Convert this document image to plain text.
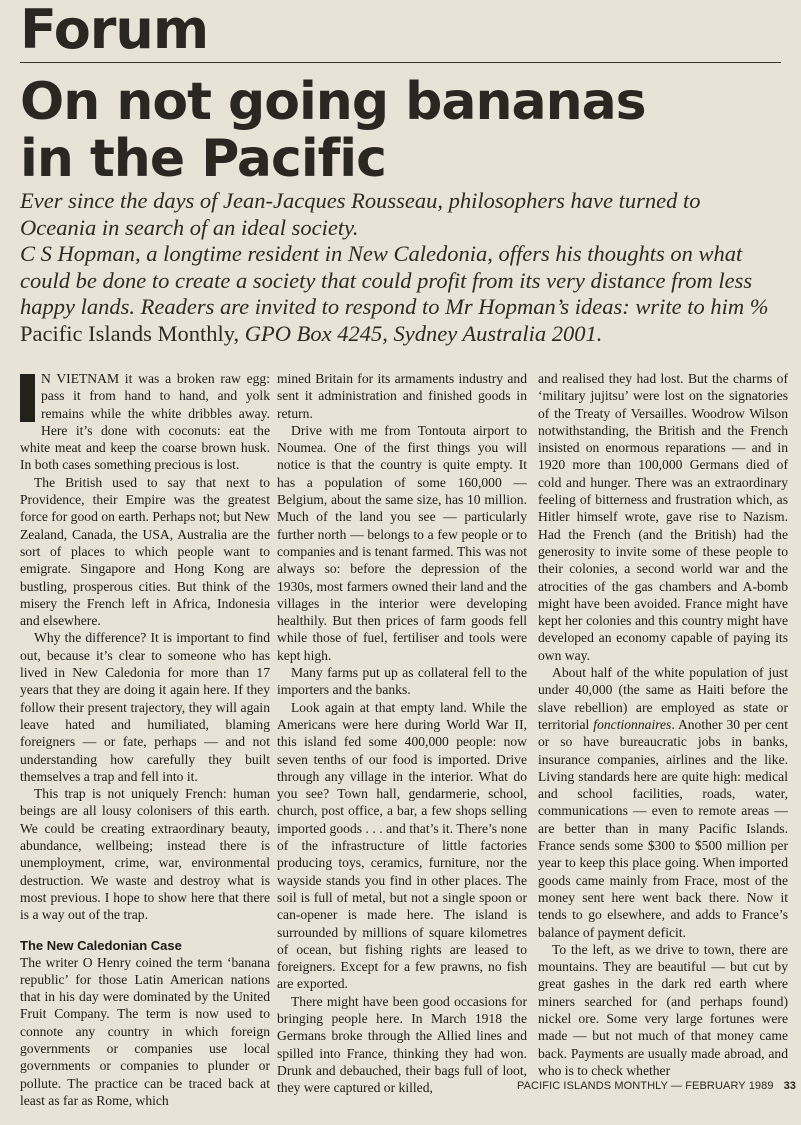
Forum
On not going bananas
in the Pacific
Ever since the days of Jean-Jacques Rousseau, philosophers have turned to Oceania in search of an ideal society.
C S Hopman, a longtime resident in New Caledonia, offers his thoughts on what could be done to create a society that could profit from its very distance from less happy lands. Readers are invited to respond to Mr Hopman’s ideas: write to him % Pacific Islands Monthly, GPO Box 4245, Sydney Australia 2001.

N VIETNAM it was a broken raw egg: pass it from hand to hand, and yolk remains while the white dribbles away. Here it’s done with coconuts: eat the white meat and keep the coarse brown husk. In both cases something precious is lost.

The British used to say that next to Providence, their Empire was the greatest force for good on earth. Perhaps not; but New Zealand, Canada, the USA, Australia are the sort of places to which people want to emigrate. Singapore and Hong Kong are bustling, prosperous cities. But think of the misery the French left in Africa, Indonesia and elsewhere.

Why the difference? It is important to find out, because it’s clear to someone who has lived in New Caledonia for more than 17 years that they are doing it again here. If they follow their present trajectory, they will again leave hated and humiliated, blaming foreigners — or fate, perhaps — and not understanding how carefully they built themselves a trap and fell into it.

This trap is not uniquely French: human beings are all lousy colonisers of this earth. We could be creating extraordinary beauty, abundance, wellbeing; instead there is unemployment, crime, war, environmental destruction. We waste and destroy what is most previous. I hope to show here that there is a way out of the trap.

The New Caledonian Case

The writer O Henry coined the term ‘banana republic’ for those Latin American nations that in his day were dominated by the United Fruit Company. The term is now used to connote any country in which foreign governments or companies use local governments or companies to plunder or pollute. The practice can be traced back at least as far as Rome, which

mined Britain for its armaments industry and sent it administration and finished goods in return.

Drive with me from Tontouta airport to Noumea. One of the first things you will notice is that the country is quite empty. It has a population of some 160,000 — Belgium, about the same size, has 10 million. Much of the land you see — particularly further north — belongs to a few people or to companies and is tenant farmed. This was not always so: before the depression of the 1930s, most farmers owned their land and the villages in the interior were developing healthily. But then prices of farm goods fell while those of fuel, fertiliser and tools were kept high.

Many farms put up as collateral fell to the importers and the banks.

Look again at that empty land. While the Americans were here during World War II, this island fed some 400,000 people: now seven tenths of our food is imported. Drive through any village in the interior. What do you see? Town hall, gendarmerie, school, church, post office, a bar, a few shops selling imported goods . . . and that’s it. There’s none of the infrastructure of little factories producing toys, ceramics, furniture, nor the wayside stands you find in other places. The soil is full of metal, but not a single spoon or can-opener is made here. The island is surrounded by millions of square kilometres of ocean, but fishing rights are leased to foreigners. Except for a few prawns, no fish are exported.

There might have been good occasions for bringing people here. In March 1918 the Germans broke through the Allied lines and spilled into France, thinking they had won. Drunk and debauched, their bags full of loot, they were captured or killed,

and realised they had lost. But the charms of ‘military jujitsu’ were lost on the signatories of the Treaty of Versailles. Woodrow Wilson notwithstanding, the British and the French insisted on enormous reparations — and in 1920 more than 100,000 Germans died of cold and hunger. There was an extraordinary feeling of bitterness and frustration which, as Hitler himself wrote, gave rise to Nazism. Had the French (and the British) had the generosity to invite some of these people to their colonies, a second world war and the atrocities of the gas chambers and A-bomb might have been avoided. France might have kept her colonies and this country might have developed an economy capable of paying its own way.

About half of the white population of just under 40,000 (the same as Haiti before the slave rebellion) are employed as state or territorial fonctionnaires. Another 30 per cent or so have bureaucratic jobs in banks, insurance companies, airlines and the like. Living standards here are quite high: medical and school facilities, roads, water, communications — even to remote areas — are better than in many Pacific Islands. France sends some $300 to $500 million per year to keep this place going. When imported goods came mainly from Frace, most of the money sent here went back there. Now it tends to go elsewhere, and adds to France’s balance of payment deficit.

To the left, as we drive to town, there are mountains. They are beautiful — but cut by great gashes in the dark red earth where miners searched for (and perhaps found) nickel ore. Some very large fortunes were made — but not much of that money came back. Payments are usually made abroad, and who is to check whether

PACIFIC ISLANDS MONTHLY — FEBRUARY 1989 33
